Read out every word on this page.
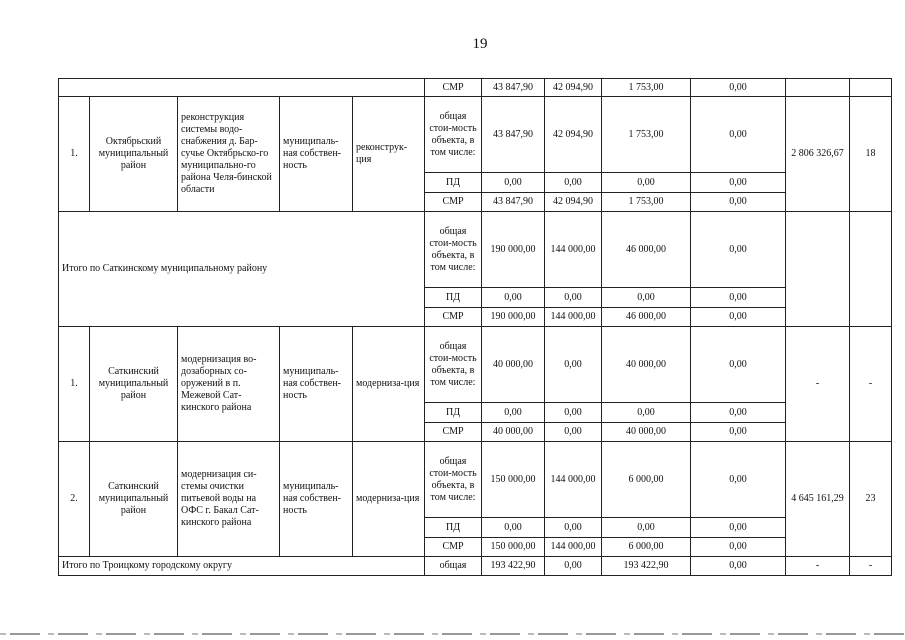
19
					СМР	43 847,90	42 094,90	1 753,00	0,00		
1.	Октябрьский муниципальный район	реконструкция системы водо-снабжения д. Бар-сучье Октябрьско-го муниципально-го района Челя-бинской области	муниципаль-ная собствен-ность	реконструк-ция	общая стои-мость объекта, в том числе:	43 847,90	42 094,90	1 753,00	0,00	2 806 326,67	18
					ПД	0,00	0,00	0,00	0,00		
					СМР	43 847,90	42 094,90	1 753,00	0,00		
Итого по Саткинскому муниципальному району					общая стои-мость объекта, в том числе:	190 000,00	144 000,00	46 000,00	0,00		
					ПД	0,00	0,00	0,00	0,00		
					СМР	190 000,00	144 000,00	46 000,00	0,00		
1.	Саткинский муниципальный район	модернизация во-дозаборных со-оружений в п. Межевой Сат-кинского района	муниципаль-ная собствен-ность	модерниза-ция	общая стои-мость объекта, в том числе:	40 000,00	0,00	40 000,00	0,00	-	-
					ПД	0,00	0,00	0,00	0,00		
					СМР	40 000,00	0,00	40 000,00	0,00		
2.	Саткинский муниципальный район	модернизация си-стемы очистки питьевой воды на ОФС г. Бакал Сат-кинского района	муниципаль-ная собствен-ность	модерниза-ция	общая стои-мость объекта, в том числе:	150 000,00	144 000,00	6 000,00	0,00	4 645 161,29	23
					ПД	0,00	0,00	0,00	0,00		
					СМР	150 000,00	144 000,00	6 000,00	0,00		
Итого по Троицкому городскому округу					общая	193 422,90	0,00	193 422,90	0,00	-	-
